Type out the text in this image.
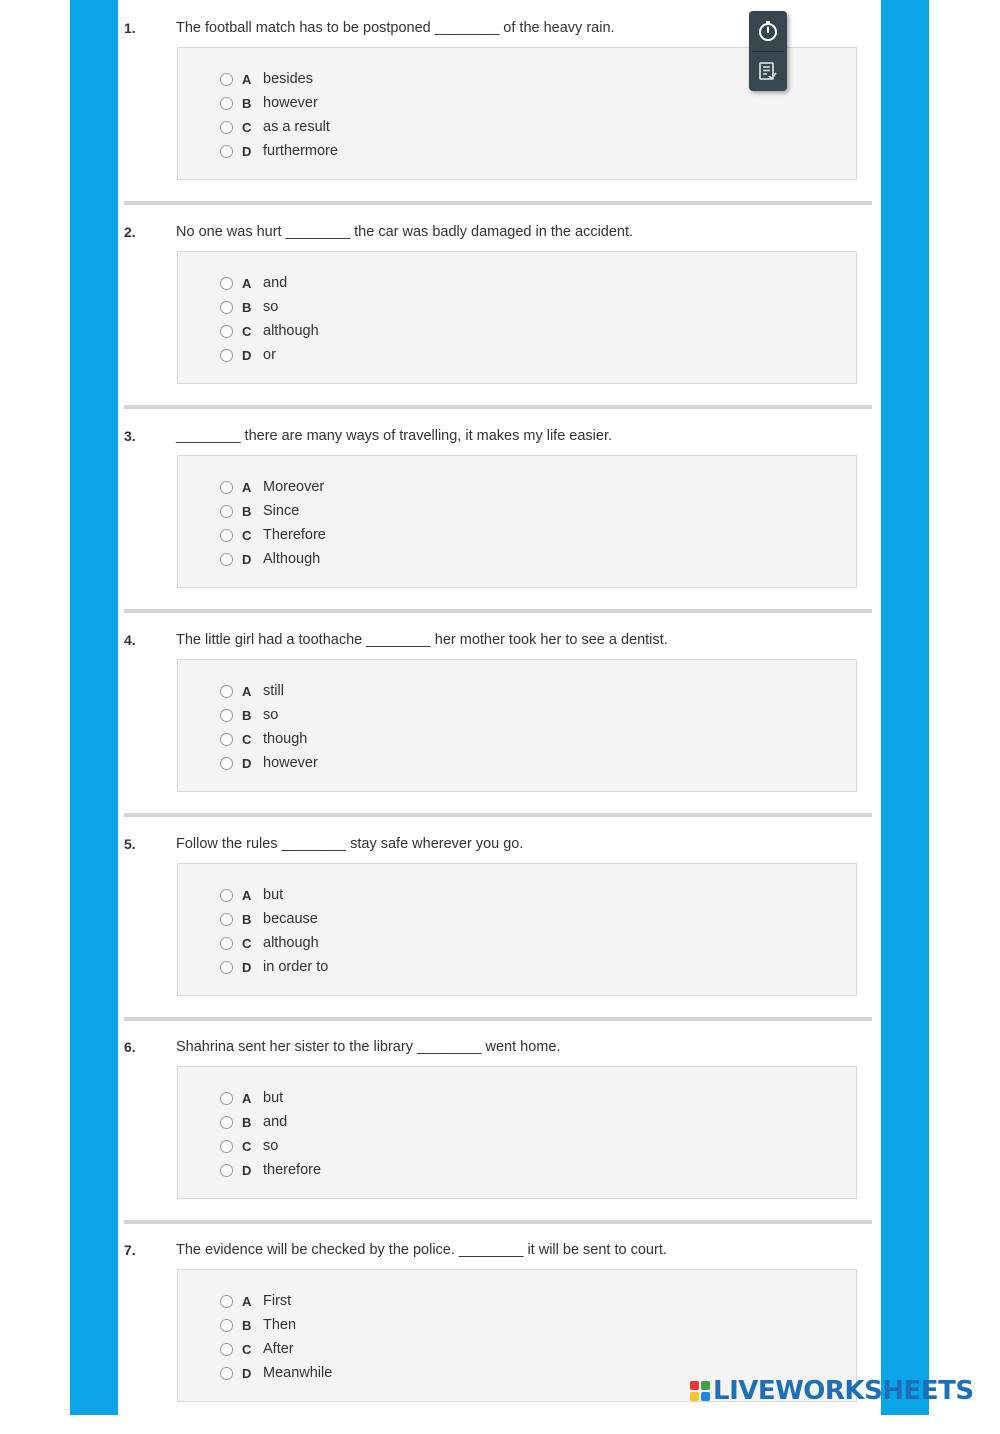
1.	The football match has to be postponed ________ of the heavy rain.
A besides
B however
C as a result
D furthermore
2.	No one was hurt ________ the car was badly damaged in the accident.
A and
B so
C although
D or
3.	________ there are many ways of travelling, it makes my life easier.
A Moreover
B Since
C Therefore
D Although
4.	The little girl had a toothache ________ her mother took her to see a dentist.
A still
B so
C though
D however
5.	Follow the rules ________ stay safe wherever you go.
A but
B because
C although
D in order to
6.	Shahrina sent her sister to the library ________ went home.
A but
B and
C so
D therefore
7.	The evidence will be checked by the police. ________ it will be sent to court.
A First
B Then
C After
D Meanwhile
LIVEWORKSHEETS
